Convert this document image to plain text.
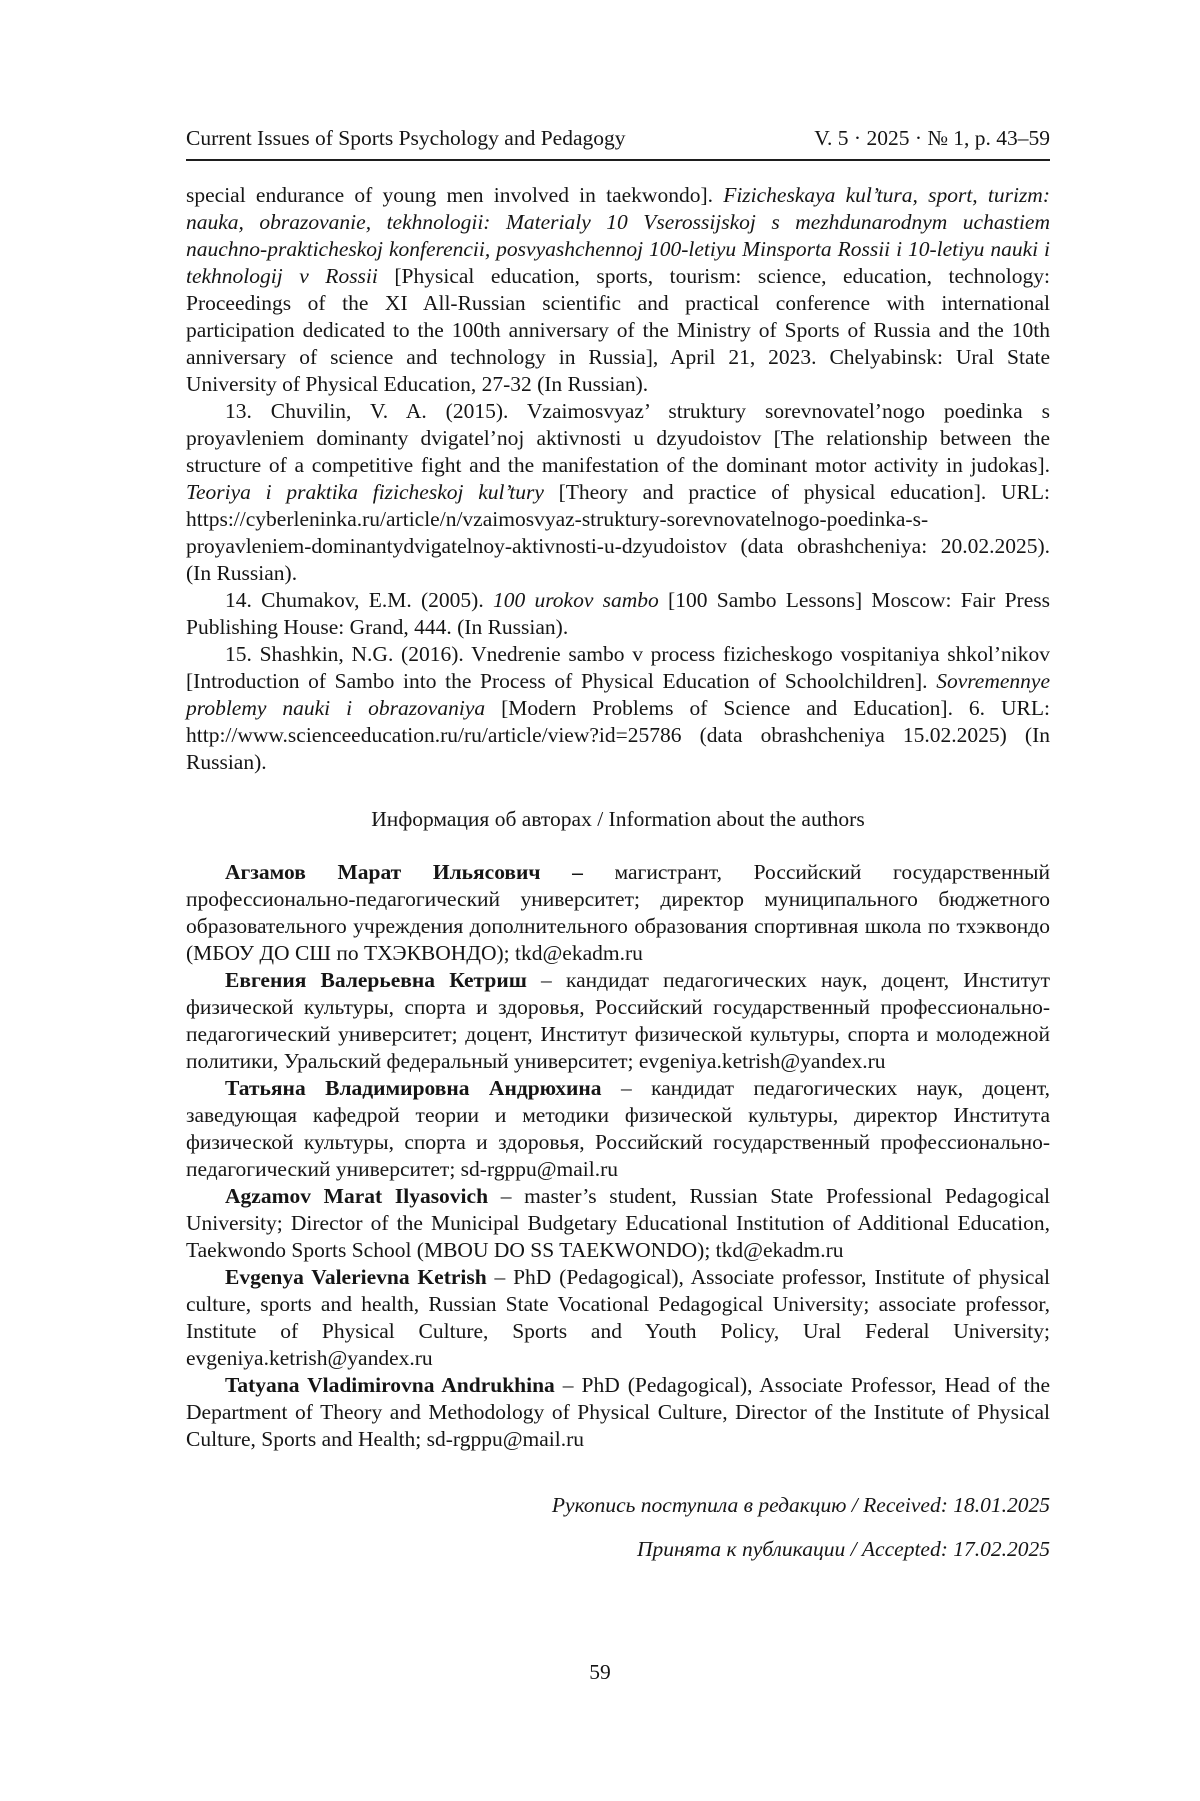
Current Issues of Sports Psychology and Pedagogy	V. 5 · 2025 · № 1, p. 43–59

special endurance of young men involved in taekwondo]. Fizicheskaya kul’tura, sport, turizm: nauka, obrazovanie, tekhnologii: Materialy 10 Vserossijskoj s mezhdunarodnym uchastiem nauchno-prakticheskoj konferencii, posvyashchennoj 100-letiyu Minsporta Rossii i 10-letiyu nauki i tekhnologij v Rossii [Physical education, sports, tourism: science, education, technology: Proceedings of the XI All-Russian scientific and practical conference with international participation dedicated to the 100th anniversary of the Ministry of Sports of Russia and the 10th anniversary of science and technology in Russia], April 21, 2023. Chelyabinsk: Ural State University of Physical Education, 27-32 (In Russian).

13. Chuvilin, V. A. (2015). Vzaimosvyaz’ struktury sorevnovatel’nogo poedinka s proyavleniem dominanty dvigatel’noj aktivnosti u dzyudoistov [The relationship between the structure of a competitive fight and the manifestation of the dominant motor activity in judokas]. Teoriya i praktika fizicheskoj kul’tury [Theory and practice of physical education]. URL: https://cyberleninka.ru/article/n/vzaimosvyaz-struktury-sorevnovatelnogo-poedinka-s-proyavleniem-dominantydvigatelnoy-aktivnosti-u-dzyudoistov (data obrashcheniya: 20.02.2025). (In Russian).

14. Chumakov, E.M. (2005). 100 urokov sambo [100 Sambo Lessons] Moscow: Fair Press Publishing House: Grand, 444. (In Russian).

15. Shashkin, N.G. (2016). Vnedrenie sambo v process fizicheskogo vospitaniya shkol’nikov [Introduction of Sambo into the Process of Physical Education of Schoolchildren]. Sovremennye problemy nauki i obrazovaniya [Modern Problems of Science and Education]. 6. URL: http://www.scienceeducation.ru/ru/article/view?id=25786 (data obrashcheniya 15.02.2025) (In Russian).

Информация об авторах / Information about the authors

Агзамов Марат Ильясович – магистрант, Российский государственный профессионально-педагогический университет; директор муниципального бюджетного образовательного учреждения дополнительного образования спортивная школа по тхэквондо (МБОУ ДО СШ по ТХЭКВОНДО); tkd@ekadm.ru

Евгения Валерьевна Кетриш – кандидат педагогических наук, доцент, Институт физической культуры, спорта и здоровья, Российский государственный профессионально-педагогический университет; доцент, Институт физической культуры, спорта и молодежной политики, Уральский федеральный университет; evgeniya.ketrish@yandex.ru

Татьяна Владимировна Андрюхина – кандидат педагогических наук, доцент, заведующая кафедрой теории и методики физической культуры, директор Института физической культуры, спорта и здоровья, Российский государственный профессионально-педагогический университет; sd-rgppu@mail.ru

Agzamov Marat Ilyasovich – master’s student, Russian State Professional Pedagogical University; Director of the Municipal Budgetary Educational Institution of Additional Education, Taekwondo Sports School (MBOU DO SS TAEKWONDO); tkd@ekadm.ru

Evgenya Valerievna Ketrish – PhD (Pedagogical), Associate professor, Institute of physical culture, sports and health, Russian State Vocational Pedagogical University; associate professor, Institute of Physical Culture, Sports and Youth Policy, Ural Federal University; evgeniya.ketrish@yandex.ru

Tatyana Vladimirovna Andrukhina – PhD (Pedagogical), Associate Professor, Head of the Department of Theory and Methodology of Physical Culture, Director of the Institute of Physical Culture, Sports and Health; sd-rgppu@mail.ru

Рукопись поступила в редакцию / Received: 18.01.2025

Принята к публикации / Accepted: 17.02.2025

59
